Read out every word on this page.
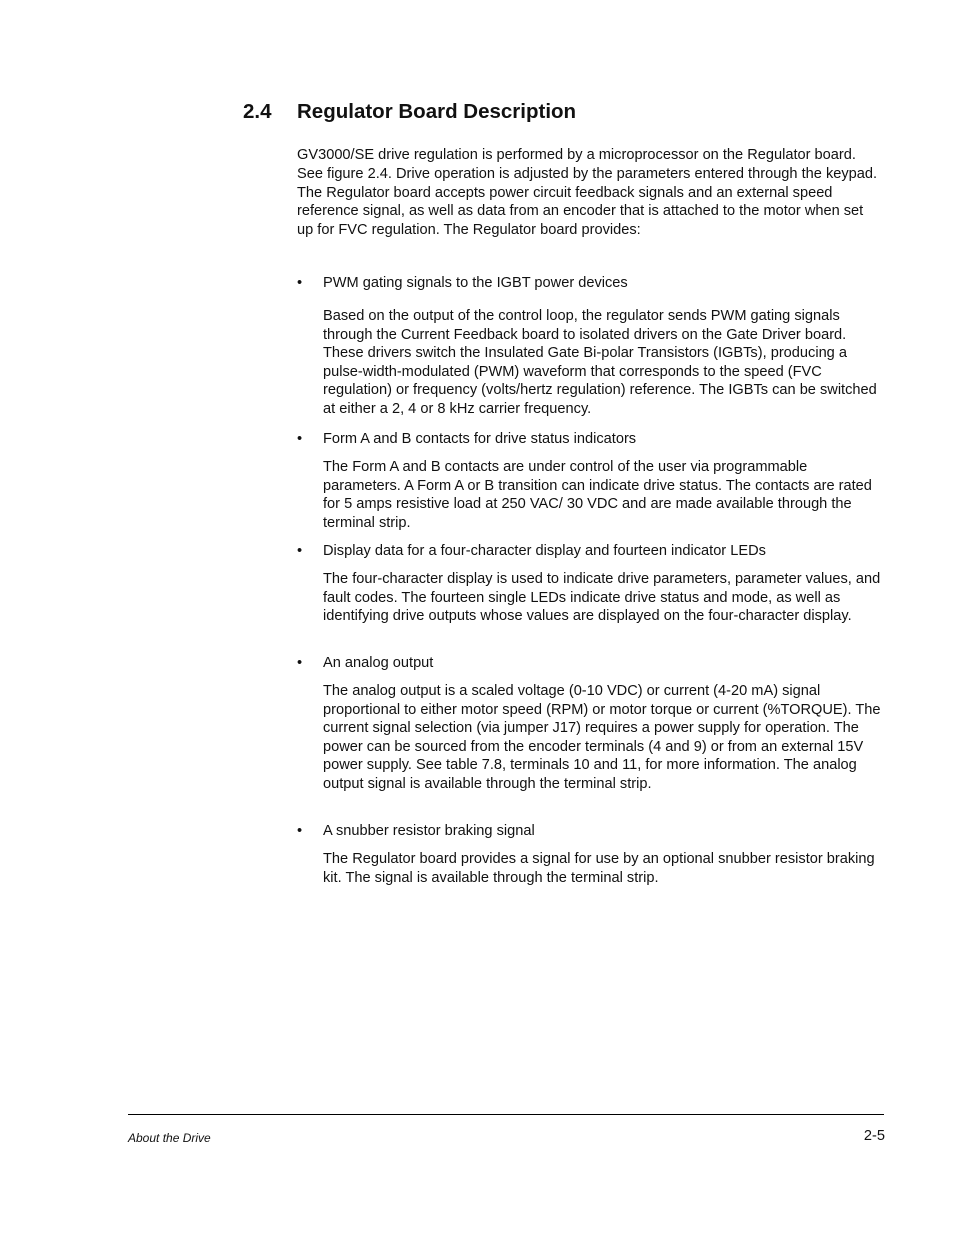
2.4 Regulator Board Description

GV3000/SE drive regulation is performed by a microprocessor on the Regulator board. See figure 2.4. Drive operation is adjusted by the parameters entered through the keypad. The Regulator board accepts power circuit feedback signals and an external speed reference signal, as well as data from an encoder that is attached to the motor when set up for FVC regulation. The Regulator board provides:

• PWM gating signals to the IGBT power devices

Based on the output of the control loop, the regulator sends PWM gating signals through the Current Feedback board to isolated drivers on the Gate Driver board. These drivers switch the Insulated Gate Bi-polar Transistors (IGBTs), producing a pulse-width-modulated (PWM) waveform that corresponds to the speed (FVC regulation) or frequency (volts/hertz regulation) reference. The IGBTs can be switched at either a 2, 4 or 8 kHz carrier frequency.

• Form A and B contacts for drive status indicators

The Form A and B contacts are under control of the user via programmable parameters. A Form A or B transition can indicate drive status. The contacts are rated for 5 amps resistive load at 250 VAC/ 30 VDC and are made available through the terminal strip.

• Display data for a four-character display and fourteen indicator LEDs

The four-character display is used to indicate drive parameters, parameter values, and fault codes. The fourteen single LEDs indicate drive status and mode, as well as identifying drive outputs whose values are displayed on the four-character display.

• An analog output

The analog output is a scaled voltage (0-10 VDC) or current (4-20 mA) signal proportional to either motor speed (RPM) or motor torque or current (%TORQUE). The current signal selection (via jumper J17) requires a power supply for operation. The power can be sourced from the encoder terminals (4 and 9) or from an external 15V power supply. See table 7.8, terminals 10 and 11, for more information. The analog output signal is available through the terminal strip.

• A snubber resistor braking signal

The Regulator board provides a signal for use by an optional snubber resistor braking kit. The signal is available through the terminal strip.

About the Drive	2-5
